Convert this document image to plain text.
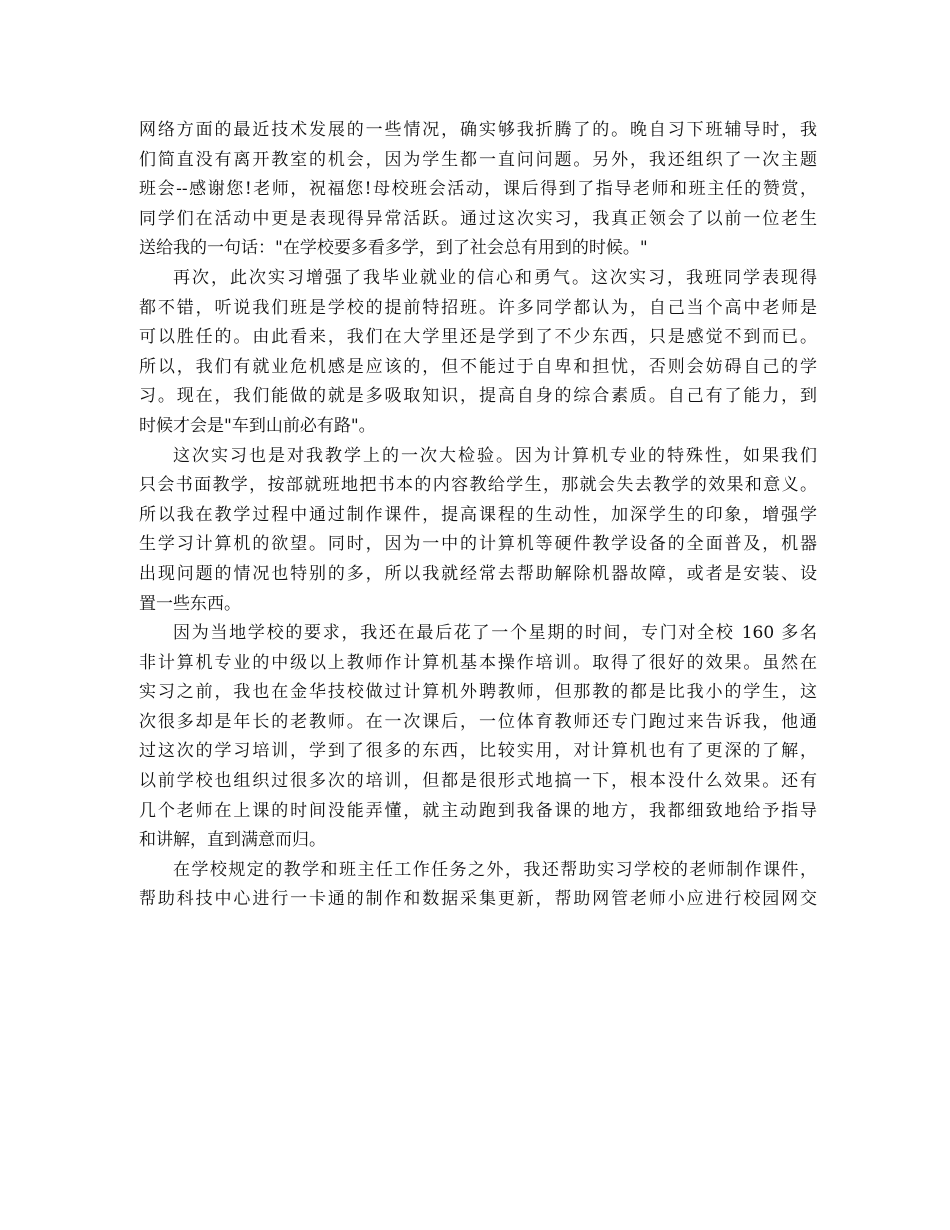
网络方面的最近技术发展的一些情况，确实够我折腾了的。晚自习下班辅导时，我
们简直没有离开教室的机会，因为学生都一直问问题。另外，我还组织了一次主题
班会--感谢您!老师，祝福您!母校班会活动，课后得到了指导老师和班主任的赞赏，
同学们在活动中更是表现得异常活跃。通过这次实习，我真正领会了以前一位老生
送给我的一句话："在学校要多看多学，到了社会总有用到的时候。"
再次，此次实习增强了我毕业就业的信心和勇气。这次实习，我班同学表现得
都不错，听说我们班是学校的提前特招班。许多同学都认为，自己当个高中老师是
可以胜任的。由此看来，我们在大学里还是学到了不少东西，只是感觉不到而已。
所以，我们有就业危机感是应该的，但不能过于自卑和担忧，否则会妨碍自己的学
习。现在，我们能做的就是多吸取知识，提高自身的综合素质。自己有了能力，到
时候才会是"车到山前必有路"。
这次实习也是对我教学上的一次大检验。因为计算机专业的特殊性，如果我们
只会书面教学，按部就班地把书本的内容教给学生，那就会失去教学的效果和意义。
所以我在教学过程中通过制作课件，提高课程的生动性，加深学生的印象，增强学
生学习计算机的欲望。同时，因为一中的计算机等硬件教学设备的全面普及，机器
出现问题的情况也特别的多，所以我就经常去帮助解除机器故障，或者是安装、设
置一些东西。
因为当地学校的要求，我还在最后花了一个星期的时间，专门对全校 160 多名
非计算机专业的中级以上教师作计算机基本操作培训。取得了很好的效果。虽然在
实习之前，我也在金华技校做过计算机外聘教师，但那教的都是比我小的学生，这
次很多却是年长的老教师。在一次课后，一位体育教师还专门跑过来告诉我，他通
过这次的学习培训，学到了很多的东西，比较实用，对计算机也有了更深的了解，
以前学校也组织过很多次的培训，但都是很形式地搞一下，根本没什么效果。还有
几个老师在上课的时间没能弄懂，就主动跑到我备课的地方，我都细致地给予指导
和讲解，直到满意而归。
在学校规定的教学和班主任工作任务之外，我还帮助实习学校的老师制作课件，
帮助科技中心进行一卡通的制作和数据采集更新，帮助网管老师小应进行校园网交
